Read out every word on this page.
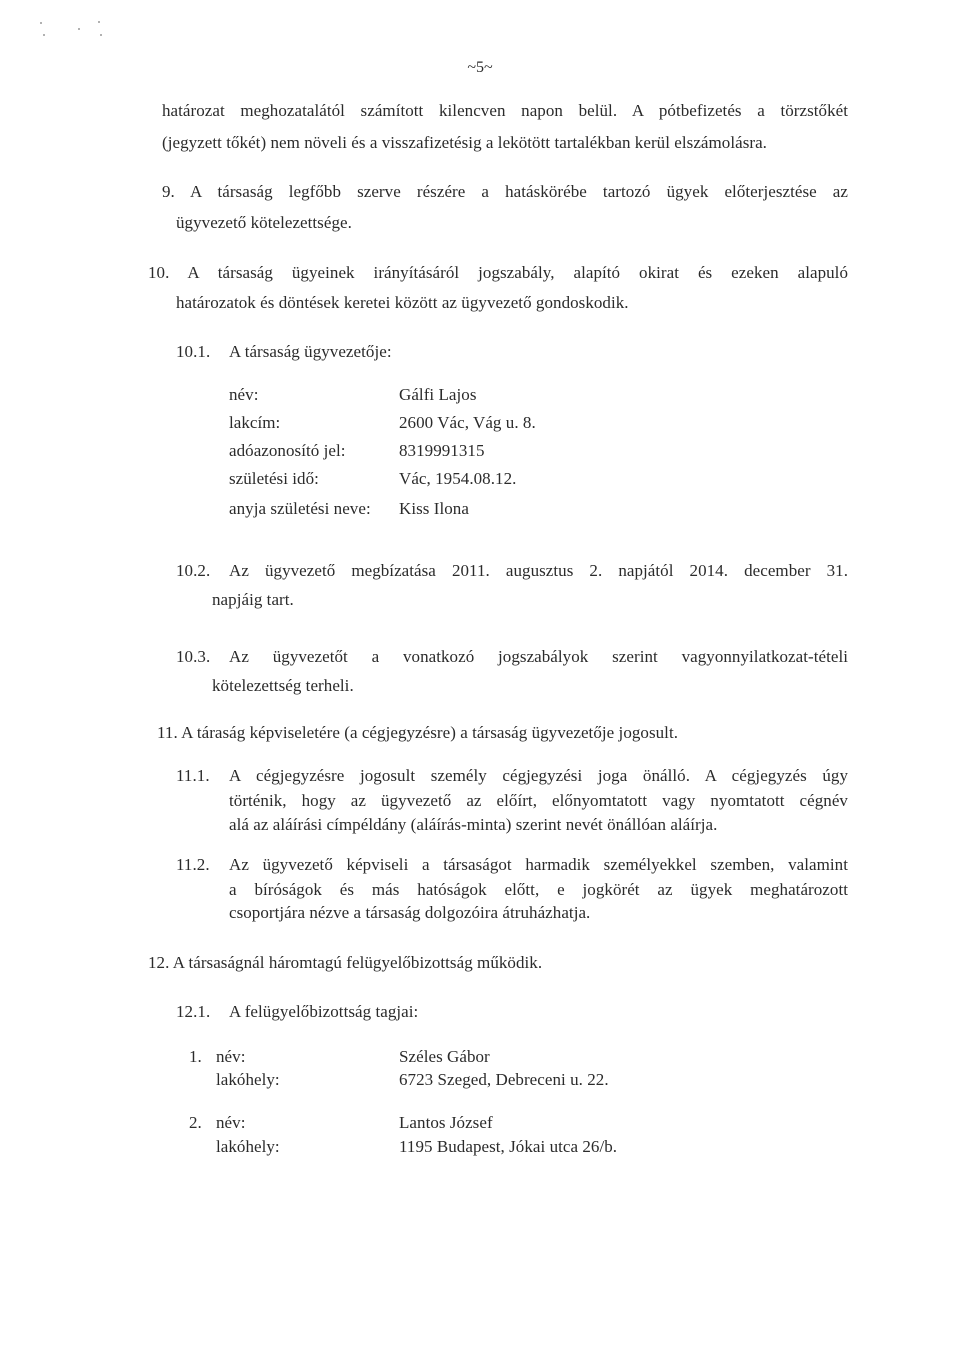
~5~
határozat meghozatalától számított kilencven napon belül. A pótbefizetés a törzstőkét
(jegyzett tőkét) nem növeli és a visszafizetésig a lekötött tartalékban kerül elszámolásra.
9. A társaság legfőbb szerve részére a hatáskörébe tartozó ügyek előterjesztése az
ügyvezető kötelezettsége.
10. A társaság ügyeinek irányításáról jogszabály, alapító okirat és ezeken alapuló
határozatok és döntések keretei között az ügyvezető gondoskodik.
10.1. A társaság ügyvezetője:
név:	Gálfi Lajos
lakcím:	2600 Vác, Vág u. 8.
adóazonosító jel:	8319991315
születési idő:	Vác, 1954.08.12.
anyja születési neve: Kiss Ilona
10.2. Az ügyvezető megbízatása 2011. augusztus 2. napjától 2014. december 31.
napjáig tart.
10.3. Az ügyvezetőt a vonatkozó jogszabályok szerint vagyonnyilatkozat-tételi
kötelezettség terheli.
11. A táraság képviseletére (a cégjegyzésre) a társaság ügyvezetője jogosult.
11.1. A cégjegyzésre jogosult személy cégjegyzési joga önálló. A cégjegyzés úgy
történik, hogy az ügyvezető az előírt, előnyomtatott vagy nyomtatott cégnév
alá az aláírási címpéldány (aláírás-minta) szerint nevét önállóan aláírja.
11.2. Az ügyvezető képviseli a társaságot harmadik személyekkel szemben, valamint
a bíróságok és más hatóságok előtt, e jogkörét az ügyek meghatározott
csoportjára nézve a társaság dolgozóira átruházhatja.
12. A társaságnál háromtagú felügyelőbizottság működik.
12.1. A felügyelőbizottság tagjai:
1. név:	Széles Gábor
lakóhely:	6723 Szeged, Debreceni u. 22.
2. név:	Lantos József
lakóhely:	1195 Budapest, Jókai utca 26/b.
